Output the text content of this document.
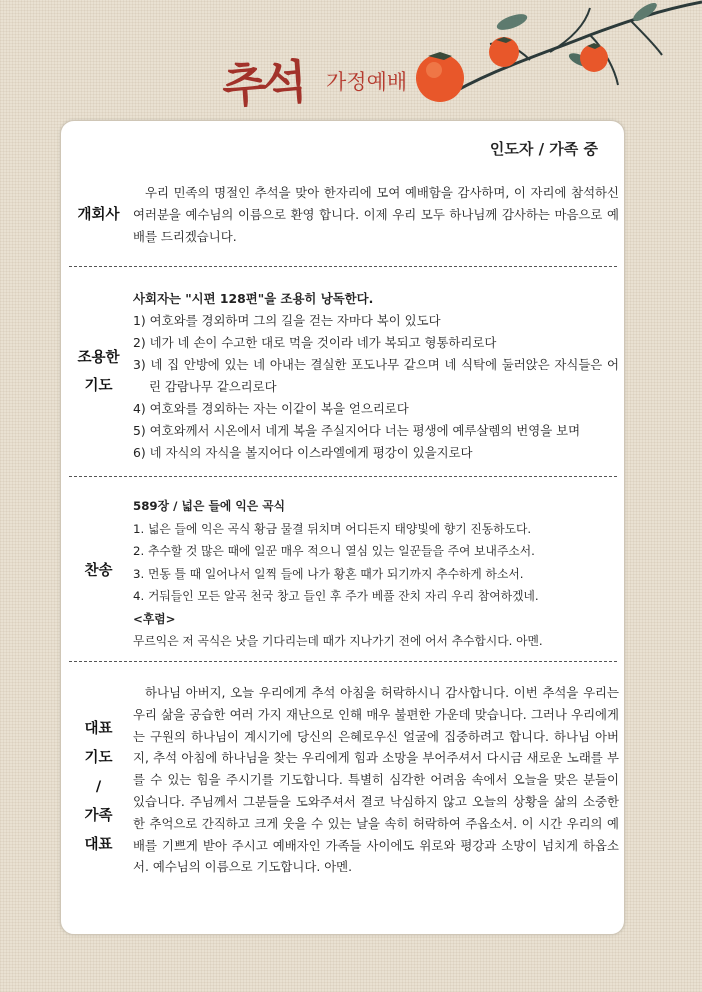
추석 가정예배
인도자 / 가족 중
개회사

우리 민족의 명절인 추석을 맞아 한자리에 모여 예배함을 감사하며, 이 자리에 참석하신 여러분을 예수님의 이름으로 환영 합니다. 이제 우리 모두 하나님께 감사하는 마음으로 예배를 드리겠습니다.

조용한
기도

사회자는 "시편 128편"을 조용히 낭독한다.

1) 여호와를 경외하며 그의 길을 걷는 자마다 복이 있도다

2) 네가 네 손이 수고한 대로 먹을 것이라 네가 복되고 형통하리로다

3) 네 집 안방에 있는 네 아내는 결실한 포도나무 같으며 네 식탁에 둘러앉은 자식들은 어린 감람나무 같으리로다

4) 여호와를 경외하는 자는 이같이 복을 얻으리로다

5) 여호와께서 시온에서 네게 복을 주실지어다 너는 평생에 예루살렘의 번영을 보며

6) 네 자식의 자식을 볼지어다 이스라엘에게 평강이 있을지로다

찬송

589장 / 넓은 들에 익은 곡식

1. 넓은 들에 익은 곡식 황금 물결 뒤치며 어디든지 태양빛에 향기 진동하도다.

2. 추수할 것 많은 때에 일꾼 매우 적으니 열심 있는 일꾼들을 주여 보내주소서.

3. 먼동 틀 때 일어나서 일찍 들에 나가 황혼 때가 되기까지 추수하게 하소서.

4. 거둬들인 모든 알곡 천국 창고 들인 후 주가 베풀 잔치 자리 우리 참여하겠네.

<후렴>

무르익은 저 곡식은 낫을 기다리는데 때가 지나가기 전에 어서 추수합시다. 아멘.

대표
기도
/
가족
대표

하나님 아버지, 오늘 우리에게 추석 아침을 허락하시니 감사합니다. 이번 추석을 우리는 우리 삶을 공습한 여러 가지 재난으로 인해 매우 불편한 가운데 맞습니다. 그러나 우리에게는 구원의 하나님이 계시기에 당신의 은혜로우신 얼굴에 집중하려고 합니다. 하나님 아버지, 추석 아침에 하나님을 찾는 우리에게 힘과 소망을 부어주셔서 다시금 새로운 노래를 부를 수 있는 힘을 주시기를 기도합니다. 특별히 심각한 어려움 속에서 오늘을 맞은 분들이 있습니다. 주님께서 그분들을 도와주셔서 결코 낙심하지 않고 오늘의 상황을 삶의 소중한 한 추억으로 간직하고 크게 웃을 수 있는 날을 속히 허락하여 주옵소서. 이 시간 우리의 예배를 기쁘게 받아 주시고 예배자인 가족들 사이에도 위로와 평강과 소망이 넘치게 하옵소서. 예수님의 이름으로 기도합니다. 아멘.
